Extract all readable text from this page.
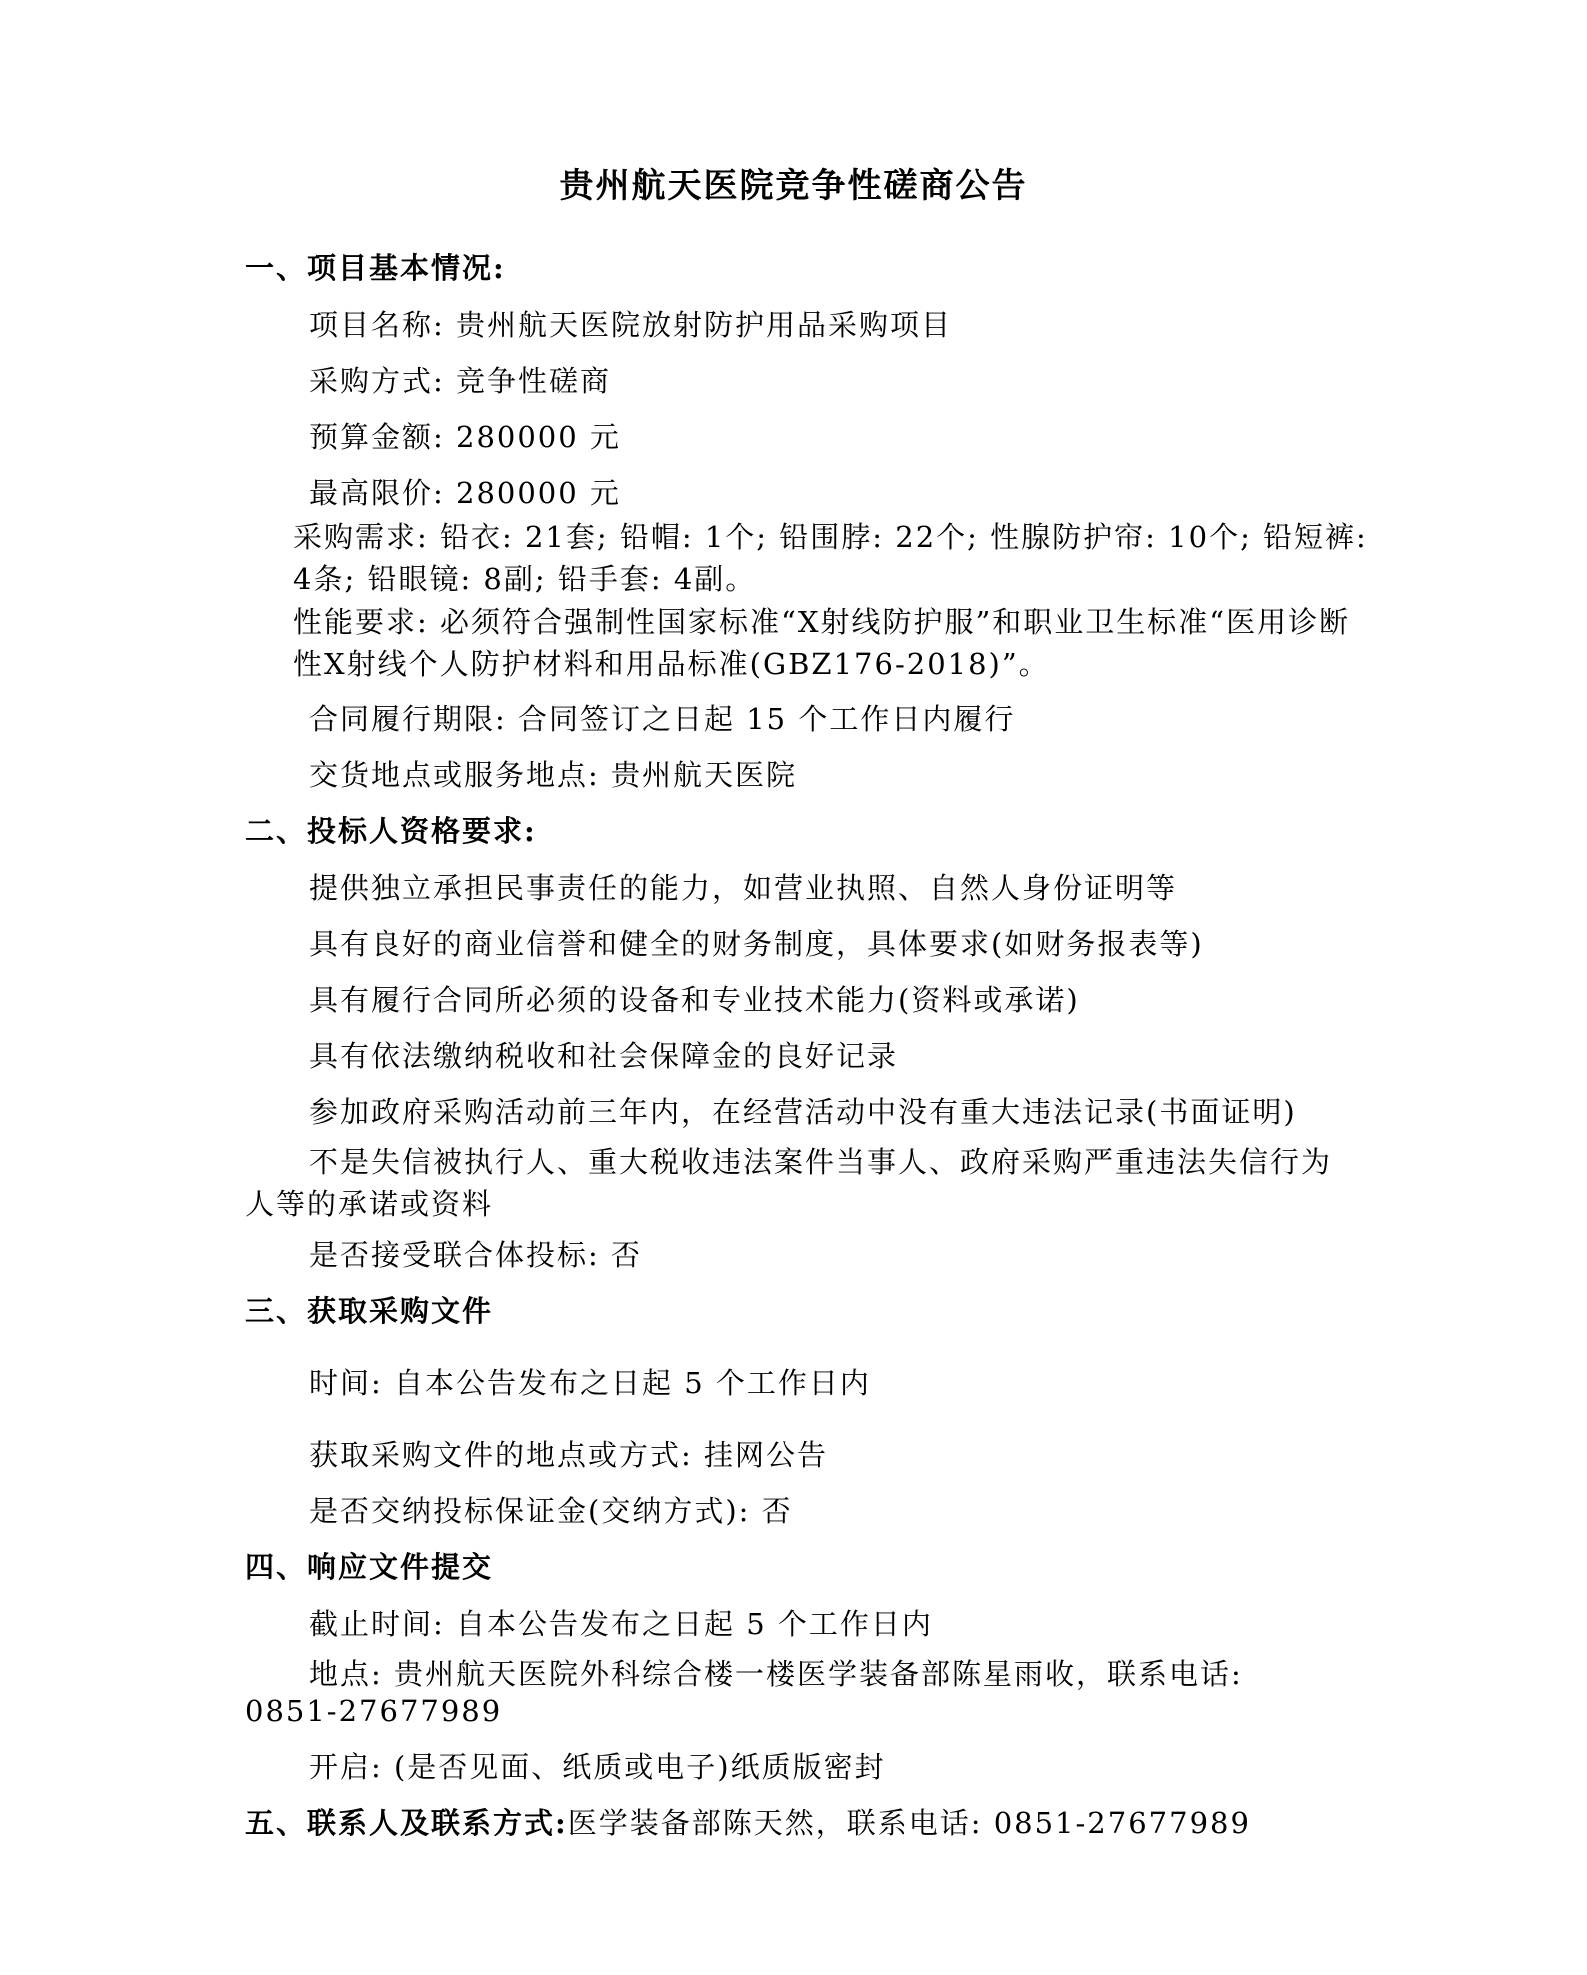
贵州航天医院竞争性磋商公告
一、项目基本情况:
项目名称: 贵州航天医院放射防护用品采购项目
采购方式: 竞争性磋商
预算金额: 280000 元
最高限价: 280000 元
采购需求: 铅衣: 21套; 铅帽: 1个; 铅围脖: 22个; 性腺防护帘: 10个; 铅短裤: 4条; 铅眼镜: 8副; 铅手套: 4副。
性能要求: 必须符合强制性国家标准“X射线防护服”和职业卫生标准“医用诊断性X射线个人防护材料和用品标准(GBZ176-2018)”。
合同履行期限: 合同签订之日起 15 个工作日内履行
交货地点或服务地点: 贵州航天医院
二、投标人资格要求:
提供独立承担民事责任的能力，如营业执照、自然人身份证明等
具有良好的商业信誉和健全的财务制度，具体要求(如财务报表等)
具有履行合同所必须的设备和专业技术能力(资料或承诺)
具有依法缴纳税收和社会保障金的良好记录
参加政府采购活动前三年内，在经营活动中没有重大违法记录(书面证明)
不是失信被执行人、重大税收违法案件当事人、政府采购严重违法失信行为
人等的承诺或资料
是否接受联合体投标: 否
三、获取采购文件
时间: 自本公告发布之日起 5 个工作日内
获取采购文件的地点或方式: 挂网公告
是否交纳投标保证金(交纳方式): 否
四、响应文件提交
截止时间: 自本公告发布之日起 5 个工作日内
地点: 贵州航天医院外科综合楼一楼医学装备部陈星雨收，联系电话:
0851-27677989
开启: (是否见面、纸质或电子)纸质版密封
五、联系人及联系方式:医学装备部陈天然，联系电话: 0851-27677989
